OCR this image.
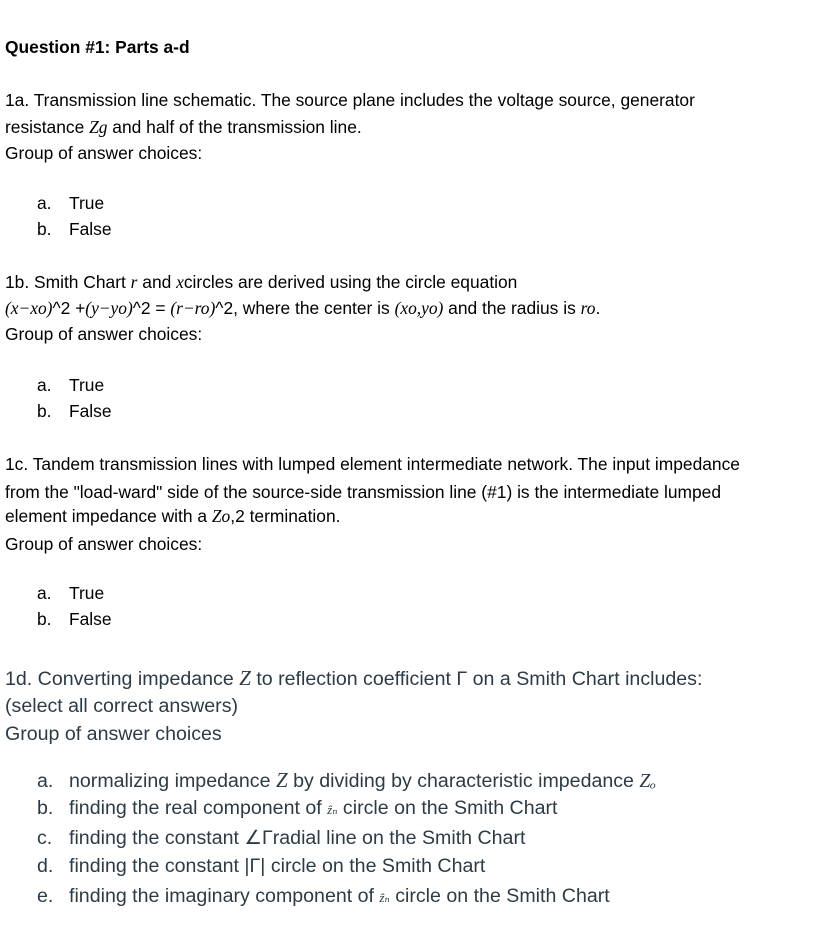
Question #1: Parts a-d
1a. Transmission line schematic. The source plane includes the voltage source, generator
resistance Zg and half of the transmission line.
Group of answer choices:
a. True
b. False
1b. Smith Chart r and xcircles are derived using the circle equation
(x−xo)^2 +(y−yo)^2 = (r−ro)^2, where the center is (xo,yo) and the radius is ro.
Group of answer choices:
a. True
b. False
1c. Tandem transmission lines with lumped element intermediate network. The input impedance
from the "load-ward" side of the source-side transmission line (#1) is the intermediate lumped
element impedance with a Zo,2 termination.
Group of answer choices:
a. True
b. False
1d. Converting impedance Z to reflection coefficient Γ on a Smith Chart includes:
(select all correct answers)
Group of answer choices
a. normalizing impedance Z by dividing by characteristic impedance Zₒ
b. finding the real component of ẑₙ circle on the Smith Chart
c. finding the constant ∠Γradial line on the Smith Chart
d. finding the constant |Γ| circle on the Smith Chart
e. finding the imaginary component of ẑₙ circle on the Smith Chart
